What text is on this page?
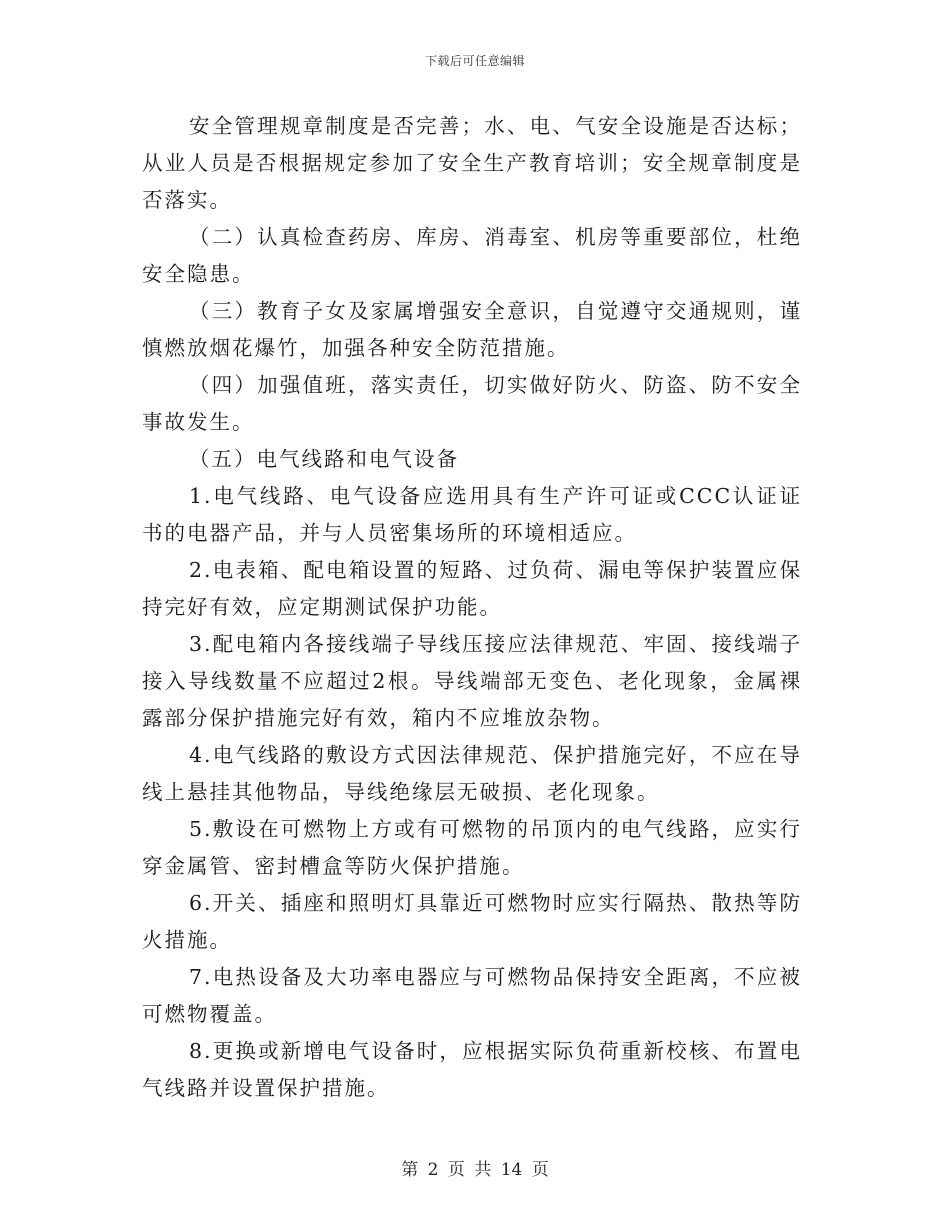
下载后可任意编辑

安全管理规章制度是否完善；水、电、气安全设施是否达标；从业人员是否根据规定参加了安全生产教育培训；安全规章制度是否落实。

（二）认真检查药房、库房、消毒室、机房等重要部位，杜绝安全隐患。

（三）教育子女及家属增强安全意识，自觉遵守交通规则，谨慎燃放烟花爆竹，加强各种安全防范措施。

（四）加强值班，落实责任，切实做好防火、防盗、防不安全事故发生。

（五）电气线路和电气设备

1.电气线路、电气设备应选用具有生产许可证或CCC认证证书的电器产品，并与人员密集场所的环境相适应。

2.电表箱、配电箱设置的短路、过负荷、漏电等保护装置应保持完好有效，应定期测试保护功能。

3.配电箱内各接线端子导线压接应法律规范、牢固、接线端子接入导线数量不应超过2根。导线端部无变色、老化现象，金属裸露部分保护措施完好有效，箱内不应堆放杂物。

4.电气线路的敷设方式因法律规范、保护措施完好，不应在导线上悬挂其他物品，导线绝缘层无破损、老化现象。

5.敷设在可燃物上方或有可燃物的吊顶内的电气线路，应实行穿金属管、密封槽盒等防火保护措施。

6.开关、插座和照明灯具靠近可燃物时应实行隔热、散热等防火措施。

7.电热设备及大功率电器应与可燃物品保持安全距离，不应被可燃物覆盖。

8.更换或新增电气设备时，应根据实际负荷重新校核、布置电气线路并设置保护措施。

第 2 页 共 14 页
